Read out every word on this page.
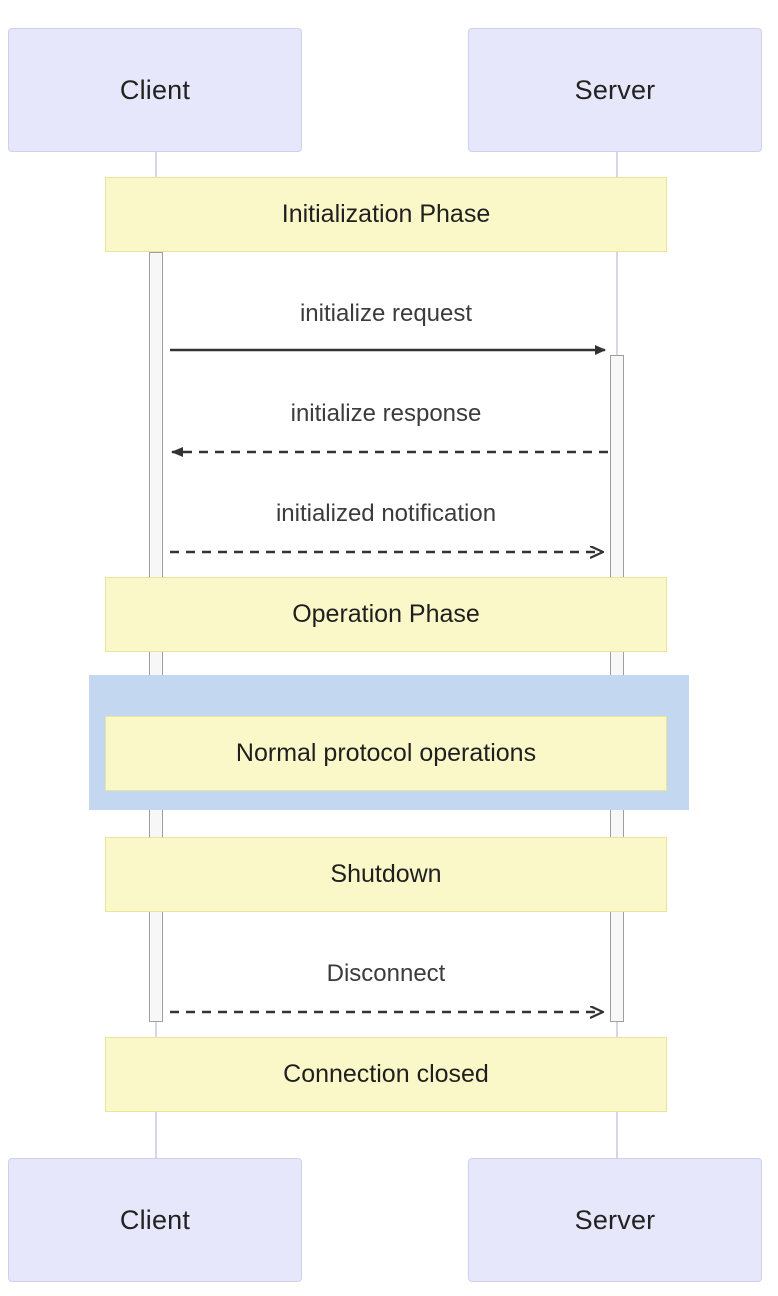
Client	Server
Initialization Phase
Operation Phase
Normal protocol operations
Shutdown
Connection closed
initialize request
initialize response
initialized notification
Disconnect
Client	Server
